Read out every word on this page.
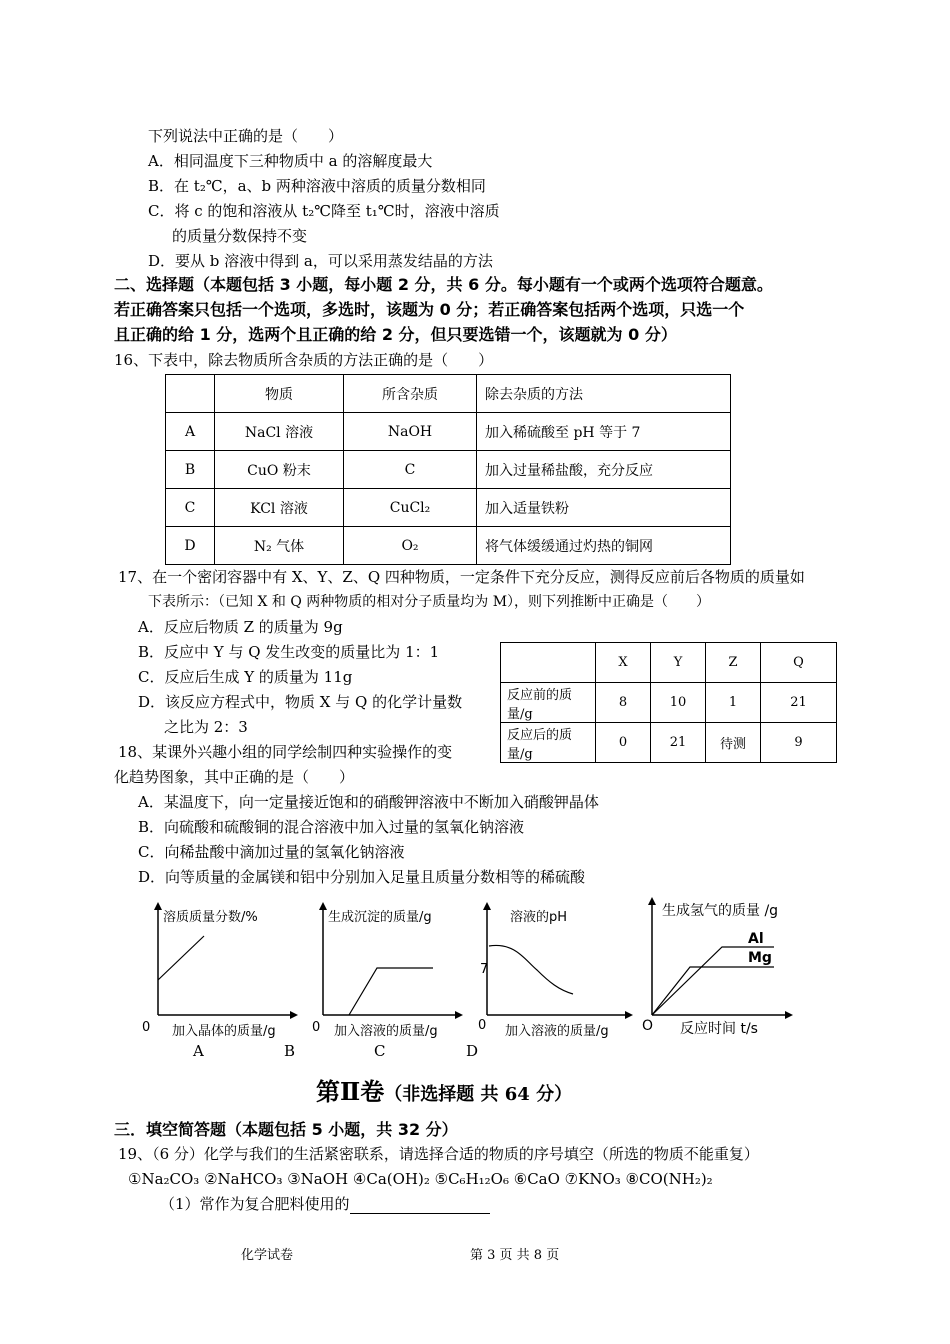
下列说法中正确的是（　　）
A．相同温度下三种物质中 a 的溶解度最大
B．在 t₂℃，a、b 两种溶液中溶质的质量分数相同
C．将 c 的饱和溶液从 t₂℃降至 t₁℃时，溶液中溶质
的质量分数保持不变
D．要从 b 溶液中得到 a，可以采用蒸发结晶的方法
二、选择题（本题包括 3 小题，每小题 2 分，共 6 分。每小题有一个或两个选项符合题意。
若正确答案只包括一个选项，多选时，该题为 0 分；若正确答案包括两个选项，只选一个
且正确的给 1 分，选两个且正确的给 2 分，但只要选错一个，该题就为 0 分）
16、下表中，除去物质所含杂质的方法正确的是（　　）
	物质	所含杂质	除去杂质的方法
A	NaCl 溶液	NaOH	加入稀硫酸至 pH 等于 7
B	CuO 粉末	C	加入过量稀盐酸，充分反应
C	KCl 溶液	CuCl₂	加入适量铁粉
D	N₂ 气体	O₂	将气体缓缓通过灼热的铜网
17、在一个密闭容器中有 X、Y、Z、Q 四种物质，一定条件下充分反应，测得反应前后各物质的质量如
下表所示：（已知 X 和 Q 两种物质的相对分子质量均为 M），则下列推断中正确是（　　）
A．反应后物质 Z 的质量为 9g
B．反应中 Y 与 Q 发生改变的质量比为 1：1
C．反应后生成 Y 的质量为 11g
D．该反应方程式中，物质 X 与 Q 的化学计量数
之比为 2：3
	X	Y	Z	Q
反应前的质量/g	8	10	1	21
反应后的质量/g	0	21	待测	9
18、某课外兴趣小组的同学绘制四种实验操作的变
化趋势图象，其中正确的是（　　）
A．某温度下，向一定量接近饱和的硝酸钾溶液中不断加入硝酸钾晶体
B．向硫酸和硫酸铜的混合溶液中加入过量的氢氧化钠溶液
C．向稀盐酸中滴加过量的氢氧化钠溶液
D．向等质量的金属镁和铝中分别加入足量且质量分数相等的稀硫酸
溶质质量分数/%
0 加入晶体的质量/g
生成沉淀的质量/g
0 加入溶液的质量/g
溶液的pH
7
0 加入溶液的质量/g
生成氢气的质量 /g
Al
Mg
O 反应时间 t/s
A	B	C	D
第Ⅱ卷（非选择题 共 64 分）
三．填空简答题（本题包括 5 小题，共 32 分）
19、（6 分）化学与我们的生活紧密联系，请选择合适的物质的序号填空（所选的物质不能重复）
①Na₂CO₃ ②NaHCO₃ ③NaOH ④Ca(OH)₂ ⑤C₆H₁₂O₆ ⑥CaO ⑦KNO₃ ⑧CO(NH₂)₂
（1）常作为复合肥料使用的
化学试卷	第 3 页 共 8 页
